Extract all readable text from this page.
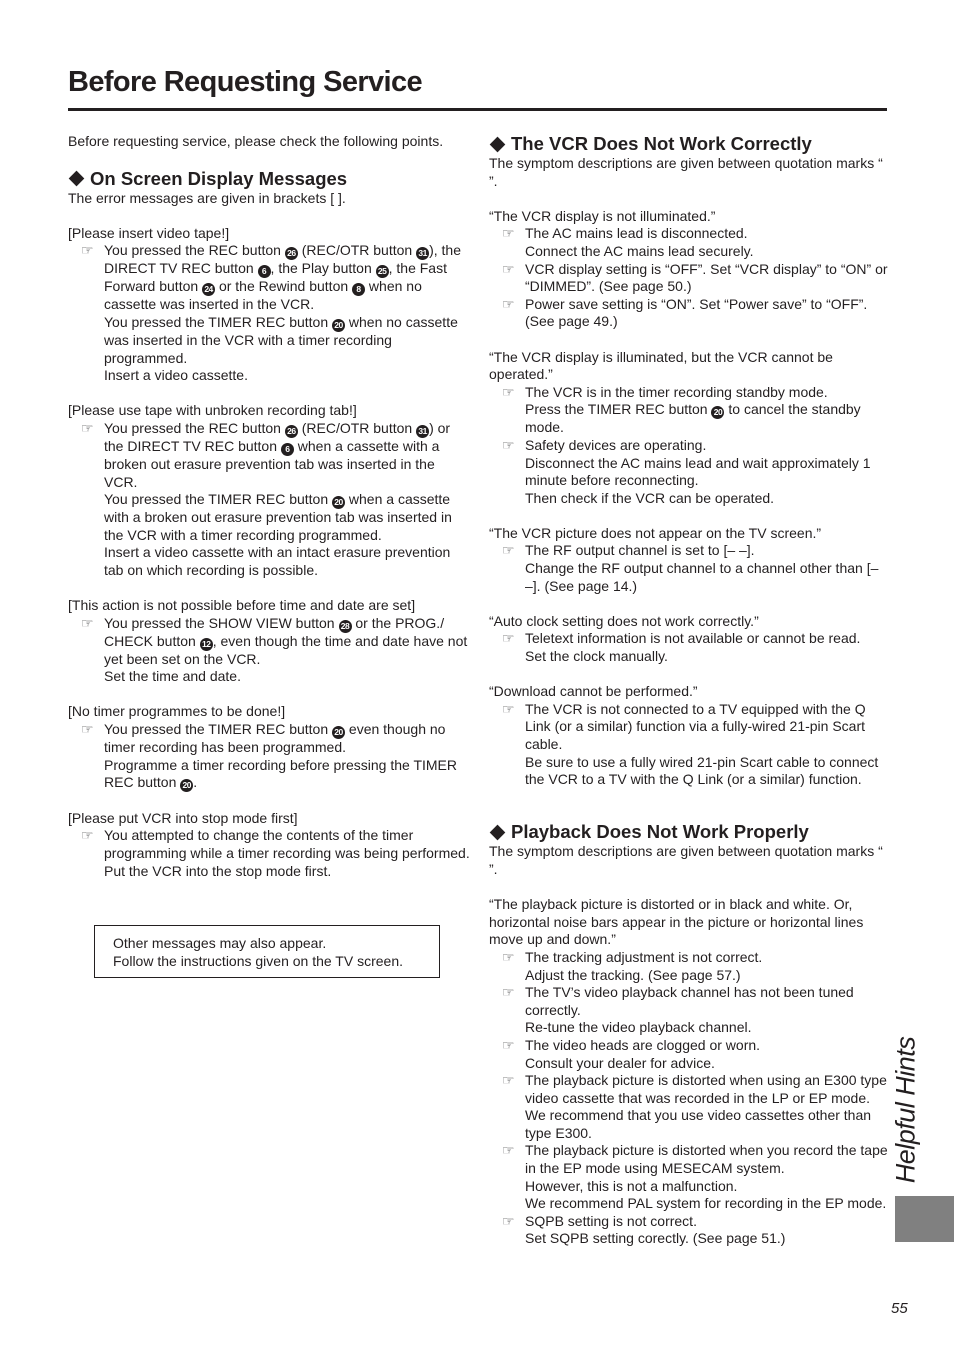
Before Requesting Service
Before requesting service, please check the following points.
On Screen Display Messages
The error messages are given in brackets [ ].
[Please insert video tape!]
☞ You pressed the REC button 26 (REC/OTR button 31 ), the DIRECT TV REC button 6 , the Play button 25 , the Fast Forward button 24 or the Rewind button 8 when no cassette was inserted in the VCR.
You pressed the TIMER REC button 20 when no cassette was inserted in the VCR with a timer recording programmed.
Insert a video cassette.
[Please use tape with unbroken recording tab!]
☞ You pressed the REC button 26 (REC/OTR button 31 ) or the DIRECT TV REC button 6 when a cassette with a broken out erasure prevention tab was inserted in the VCR.
You pressed the TIMER REC button 20 when a cassette with a broken out erasure prevention tab was inserted in the VCR with a timer recording programmed.
Insert a video cassette with an intact erasure prevention tab on which recording is possible.
[This action is not possible before time and date are set]
☞ You pressed the SHOW VIEW button 28 or the PROG./ CHECK button 12 , even though the time and date have not yet been set on the VCR.
Set the time and date.
[No timer programmes to be done!]
☞ You pressed the TIMER REC button 20 even though no timer recording has been programmed.
Programme a timer recording before pressing the TIMER REC button 20 .
[Please put VCR into stop mode first]
☞ You attempted to change the contents of the timer programming while a timer recording was being performed.
Put the VCR into the stop mode first.
Other messages may also appear.
Follow the instructions given on the TV screen.
The VCR Does Not Work Correctly
The symptom descriptions are given between quotation marks “ ”.
“The VCR display is not illuminated.”
☞ The AC mains lead is disconnected.
Connect the AC mains lead securely.
☞ VCR display setting is “OFF”. Set “VCR display” to “ON” or “DIMMED”. (See page 50.)
☞ Power save setting is “ON”. Set “Power save” to “OFF”. (See page 49.)
“The VCR display is illuminated, but the VCR cannot be operated.”
☞ The VCR is in the timer recording standby mode.
Press the TIMER REC button 20 to cancel the standby mode.
☞ Safety devices are operating.
Disconnect the AC mains lead and wait approximately 1 minute before reconnecting.
Then check if the VCR can be operated.
“The VCR picture does not appear on the TV screen.”
☞ The RF output channel is set to [– –].
Change the RF output channel to a channel other than [– –]. (See page 14.)
“Auto clock setting does not work correctly.”
☞ Teletext information is not available or cannot be read.
Set the clock manually.
“Download cannot be performed.”
☞ The VCR is not connected to a TV equipped with the Q Link (or a similar) function via a fully-wired 21-pin Scart cable.
Be sure to use a fully wired 21-pin Scart cable to connect the VCR to a TV with the Q Link (or a similar) function.
Playback Does Not Work Properly
The symptom descriptions are given between quotation marks “ ”.
“The playback picture is distorted or in black and white. Or, horizontal noise bars appear in the picture or horizontal lines move up and down.”
☞ The tracking adjustment is not correct.
Adjust the tracking. (See page 57.)
☞ The TV’s video playback channel has not been tuned correctly.
Re-tune the video playback channel.
☞ The video heads are clogged or worn.
Consult your dealer for advice.
☞ The playback picture is distorted when using an E300 type video cassette that was recorded in the LP or EP mode.
We recommend that you use video cassettes other than type E300.
☞ The playback picture is distorted when you record the tape in the EP mode using MESECAM system.
However, this is not a malfunction.
We recommend PAL system for recording in the EP mode.
☞ SQPB setting is not correct.
Set SQPB setting corectly. (See page 51.)
Helpful Hints
55
